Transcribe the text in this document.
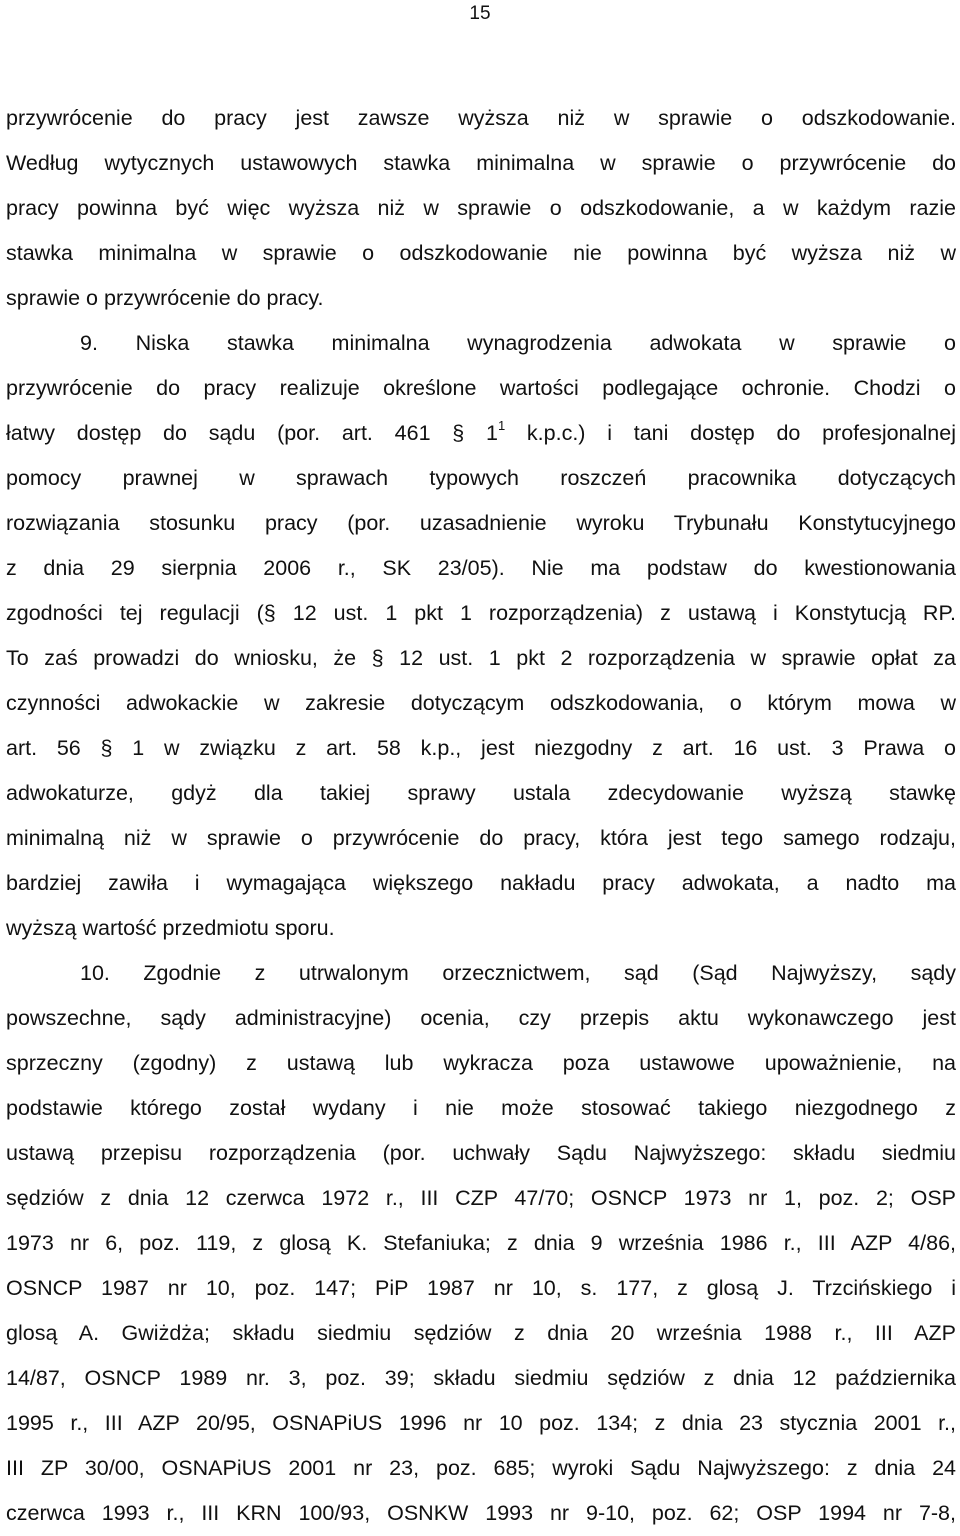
15
przywrócenie do pracy jest zawsze wyższa niż w sprawie o odszkodowanie.
Według wytycznych ustawowych stawka minimalna w sprawie o przywrócenie do
pracy powinna być więc wyższa niż w sprawie o odszkodowanie, a w każdym razie
stawka minimalna w sprawie o odszkodowanie nie powinna być wyższa niż w
sprawie o przywrócenie do pracy.
9. Niska stawka minimalna wynagrodzenia adwokata w sprawie o
przywrócenie do pracy realizuje określone wartości podlegające ochronie. Chodzi o
łatwy dostęp do sądu (por. art. 461 § $1^1$ k.p.c.) i tani dostęp do profesjonalnej
pomocy prawnej w sprawach typowych roszczeń pracownika dotyczących
rozwiązania stosunku pracy (por. uzasadnienie wyroku Trybunału Konstytucyjnego
z dnia 29 sierpnia 2006 r., SK 23/05). Nie ma podstaw do kwestionowania
zgodności tej regulacji (§ 12 ust. 1 pkt 1 rozporządzenia) z ustawą i Konstytucją RP.
To zaś prowadzi do wniosku, że § 12 ust. 1 pkt 2 rozporządzenia w sprawie opłat za
czynności adwokackie w zakresie dotyczącym odszkodowania, o którym mowa w
art. 56 § 1 w związku z art. 58 k.p., jest niezgodny z art. 16 ust. 3 Prawa o
adwokaturze, gdyż dla takiej sprawy ustala zdecydowanie wyższą stawkę
minimalną niż w sprawie o przywrócenie do pracy, która jest tego samego rodzaju,
bardziej zawiła i wymagająca większego nakładu pracy adwokata, a nadto ma
wyższą wartość przedmiotu sporu.
10. Zgodnie z utrwalonym orzecznictwem, sąd (Sąd Najwyższy, sądy
powszechne, sądy administracyjne) ocenia, czy przepis aktu wykonawczego jest
sprzeczny (zgodny) z ustawą lub wykracza poza ustawowe upoważnienie, na
podstawie którego został wydany i nie może stosować takiego niezgodnego z
ustawą przepisu rozporządzenia (por. uchwały Sądu Najwyższego: składu siedmiu
sędziów z dnia 12 czerwca 1972 r., III CZP 47/70; OSNCP 1973 nr 1, poz. 2; OSP
1973 nr 6, poz. 119, z glosą K. Stefaniuka; z dnia 9 września 1986 r., III AZP 4/86,
OSNCP 1987 nr 10, poz. 147; PiP 1987 nr 10, s. 177, z glosą J. Trzcińskiego i
glosą A. Gwiżdża; składu siedmiu sędziów z dnia 20 września 1988 r., III AZP
14/87, OSNCP 1989 nr. 3, poz. 39; składu siedmiu sędziów z dnia 12 października
1995 r., III AZP 20/95, OSNAPiUS 1996 nr 10 poz. 134; z dnia 23 stycznia 2001 r.,
III ZP 30/00, OSNAPiUS 2001 nr 23, poz. 685; wyroki Sądu Najwyższego: z dnia 24
czerwca 1993 r., III KRN 100/93, OSNKW 1993 nr 9-10, poz. 62; OSP 1994 nr 7-8,
